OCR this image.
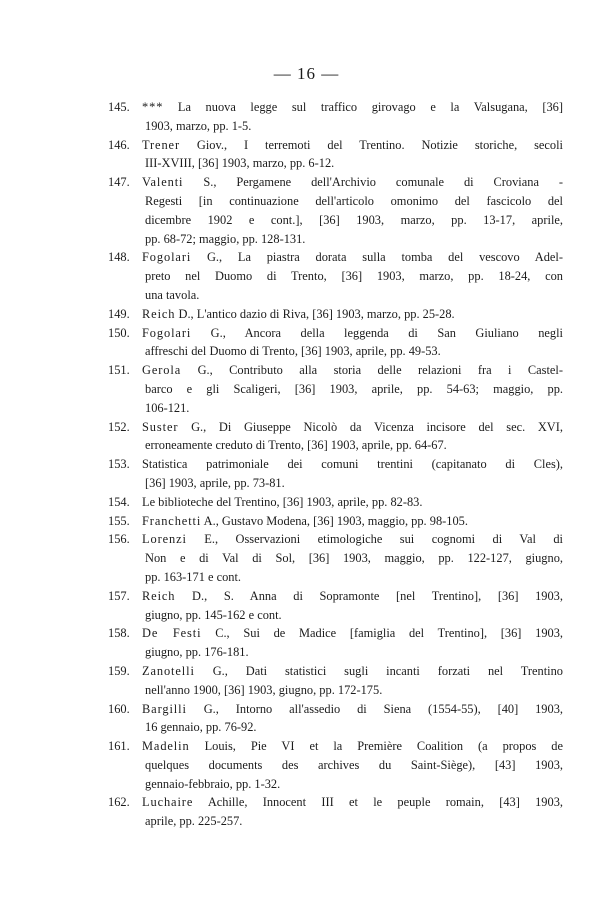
— 16 —
145. *** La nuova legge sul traffico girovago e la Valsugana, [36]
1903, marzo, pp. 1-5.
146. Trener Giov., I terremoti del Trentino. Notizie storiche, secoli
III-XVIII, [36] 1903, marzo, pp. 6-12.
147. Valenti S., Pergamene dell'Archivio comunale di Croviana -
Regesti [in continuazione dell'articolo omonimo del fascicolo del
dicembre 1902 e cont.], [36] 1903, marzo, pp. 13-17, aprile,
pp. 68-72; maggio, pp. 128-131.
148. Fogolari G., La piastra dorata sulla tomba del vescovo Adel-
preto nel Duomo di Trento, [36] 1903, marzo, pp. 18-24, con
una tavola.
149. Reich D., L'antico dazio di Riva, [36] 1903, marzo, pp. 25-28.
150. Fogolari G., Ancora della leggenda di San Giuliano negli
affreschi del Duomo di Trento, [36] 1903, aprile, pp. 49-53.
151. Gerola G., Contributo alla storia delle relazioni fra i Castel-
barco e gli Scaligeri, [36] 1903, aprile, pp. 54-63; maggio, pp.
106-121.
152. Suster G., Di Giuseppe Nicolò da Vicenza incisore del sec. XVI,
erroneamente creduto di Trento, [36] 1903, aprile, pp. 64-67.
153. Statistica patrimoniale dei comuni trentini (capitanato di Cles),
[36] 1903, aprile, pp. 73-81.
154. Le biblioteche del Trentino, [36] 1903, aprile, pp. 82-83.
155. Franchetti A., Gustavo Modena, [36] 1903, maggio, pp. 98-105.
156. Lorenzi E., Osservazioni etimologiche sui cognomi di Val di
Non e di Val di Sol, [36] 1903, maggio, pp. 122-127, giugno,
pp. 163-171 e cont.
157. Reich D., S. Anna di Sopramonte [nel Trentino], [36] 1903,
giugno, pp. 145-162 e cont.
158. De Festi C., Sui de Madice [famiglia del Trentino], [36] 1903,
giugno, pp. 176-181.
159. Zanotelli G., Dati statistici sugli incanti forzati nel Trentino
nell'anno 1900, [36] 1903, giugno, pp. 172-175.
160. Bargilli G., Intorno all'assedio di Siena (1554-55), [40] 1903,
16 gennaio, pp. 76-92.
161. Madelin Louis, Pie VI et la Première Coalition (a propos de
quelques documents des archives du Saint-Siège), [43] 1903,
gennaio-febbraio, pp. 1-32.
162. Luchaire Achille, Innocent III et le peuple romain, [43] 1903,
aprile, pp. 225-257.
